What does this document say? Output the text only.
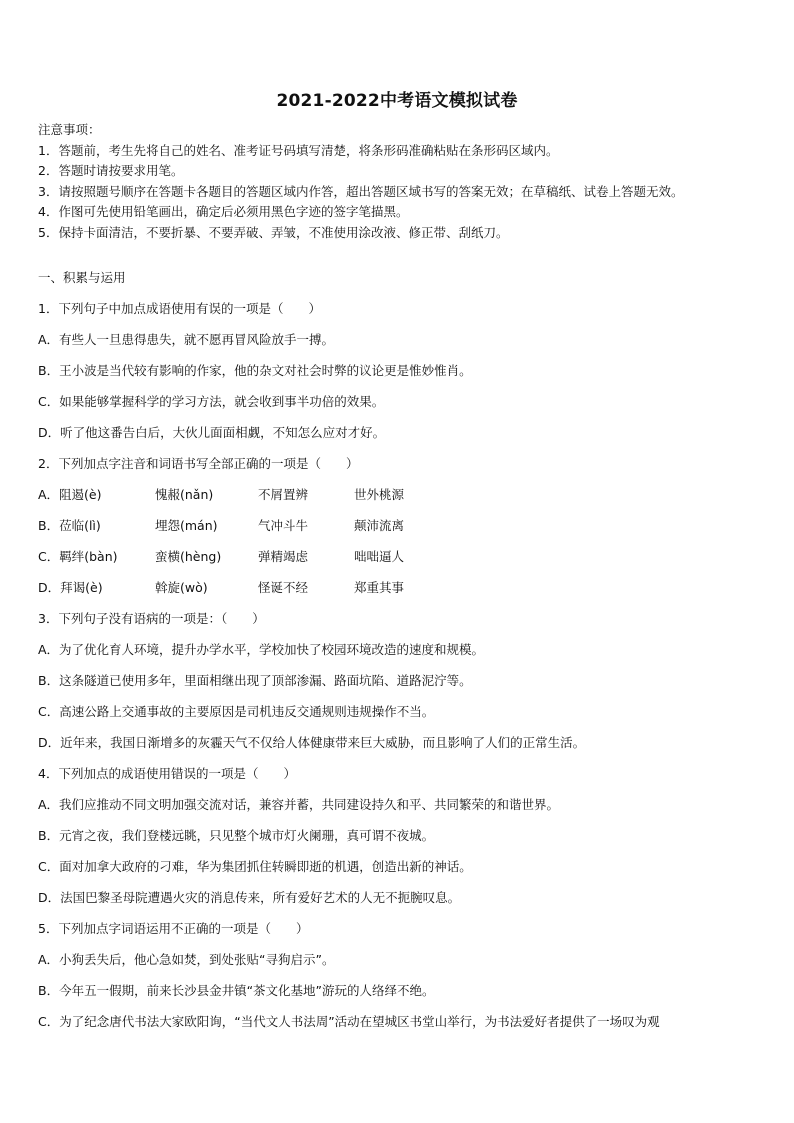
2021-2022中考语文模拟试卷
注意事项：
1．答题前，考生先将自己的姓名、准考证号码填写清楚，将条形码准确粘贴在条形码区域内。
2．答题时请按要求用笔。
3．请按照题号顺序在答题卡各题目的答题区域内作答，超出答题区域书写的答案无效；在草稿纸、试卷上答题无效。
4．作图可先使用铅笔画出，确定后必须用黑色字迹的签字笔描黑。
5．保持卡面清洁，不要折暴、不要弄破、弄皱，不准使用涂改液、修正带、刮纸刀。
一、积累与运用
1．下列句子中加点成语使用有误的一项是（　　）
A．有些人一旦患得患失，就不愿再冒风险放手一搏。
B．王小波是当代较有影响的作家，他的杂文对社会时弊的议论更是惟妙惟肖。
C．如果能够掌握科学的学习方法，就会收到事半功倍的效果。
D．听了他这番告白后，大伙儿面面相觑，不知怎么应对才好。
2．下列加点字注音和词语书写全部正确的一项是（　　）
A．阻遏(è)	愧赧(nǎn)	不屑置辨	世外桃源
B．莅临(lì)	埋怨(mán)	气冲斗牛	颠沛流离
C．羁绊(bàn)	蛮横(hèng)	弹精竭虑	咄咄逼人
D．拜谒(è)	斡旋(wò)	怪诞不经	郑重其事
3．下列句子没有语病的一项是：（　　）
A．为了优化育人环境，提升办学水平，学校加快了校园环境改造的速度和规模。
B．这条隧道已使用多年，里面相继出现了顶部渗漏、路面坑陷、道路泥泞等。
C．高速公路上交通事故的主要原因是司机违反交通规则违规操作不当。
D．近年来，我国日渐增多的灰霾天气不仅给人体健康带来巨大威胁，而且影响了人们的正常生活。
4．下列加点的成语使用错误的一项是（　　）
A．我们应推动不同文明加强交流对话，兼容并蓄，共同建设持久和平、共同繁荣的和谐世界。
B．元宵之夜，我们登楼远眺，只见整个城市灯火阑珊，真可谓不夜城。
C．面对加拿大政府的刁难，华为集团抓住转瞬即逝的机遇，创造出新的神话。
D．法国巴黎圣母院遭遇火灾的消息传来，所有爱好艺术的人无不扼腕叹息。
5．下列加点字词语运用不正确的一项是（　　）
A．小狗丢失后，他心急如焚，到处张贴“寻狗启示”。
B．今年五一假期，前来长沙县金井镇“茶文化基地”游玩的人络绎不绝。
C．为了纪念唐代书法大家欧阳询，“当代文人书法周”活动在望城区书堂山举行，为书法爱好者提供了一场叹为观
